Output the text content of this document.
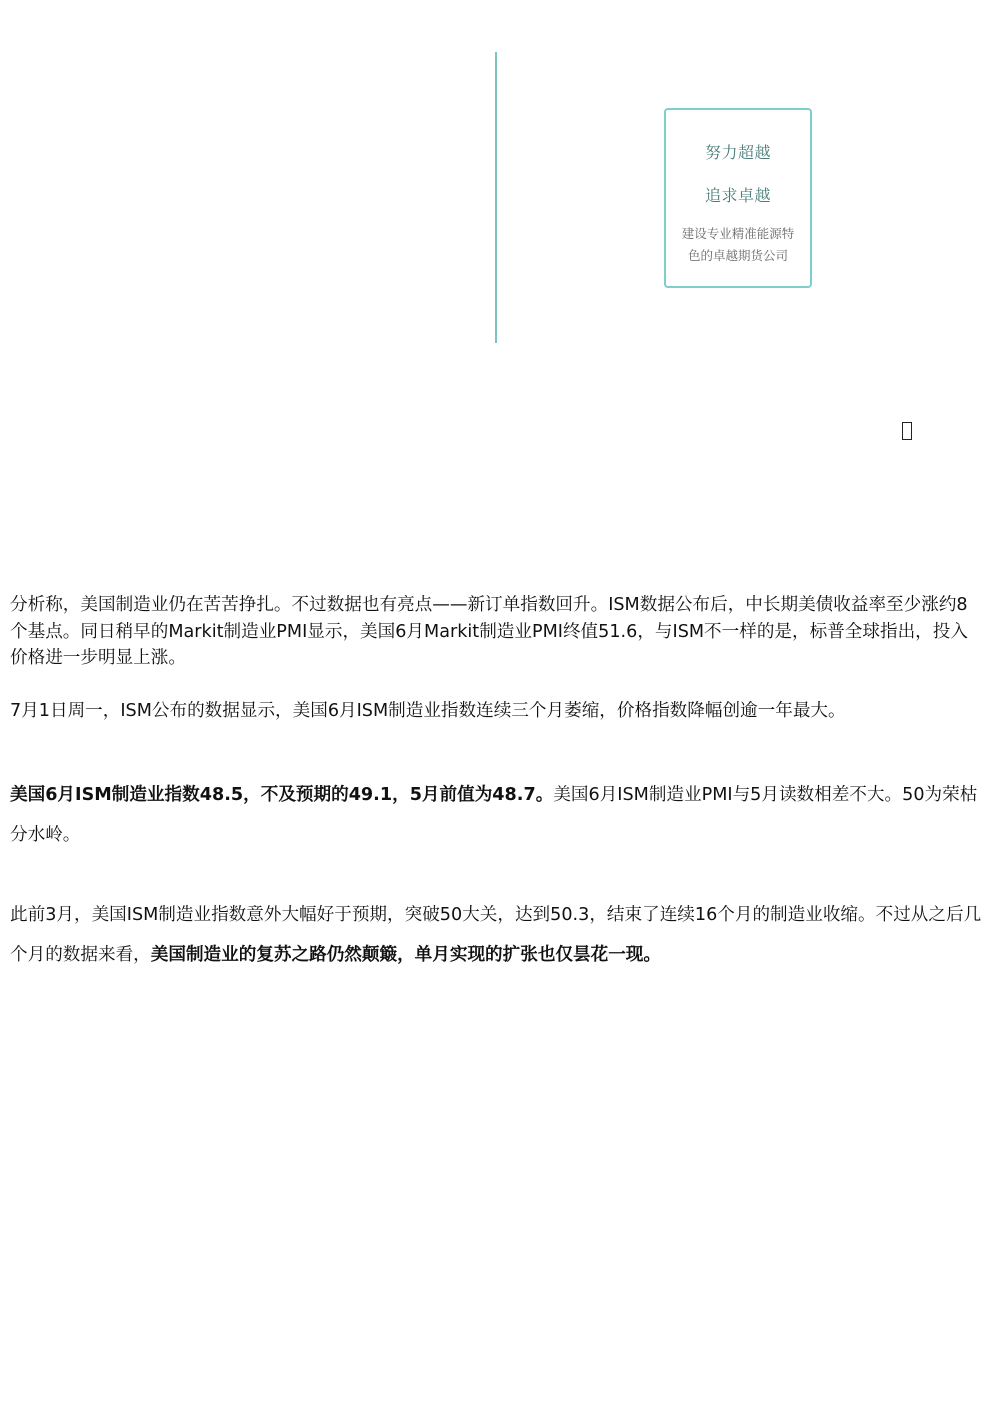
努力超越
追求卓越
建设专业精准能源特色的卓越期货公司

分析称，美国制造业仍在苦苦挣扎。不过数据也有亮点——新订单指数回升。ISM数据公布后，中长期美债收益率至少涨约8个基点。同日稍早的Markit制造业PMI显示，美国6月Markit制造业PMI终值51.6，与ISM不一样的是，标普全球指出，投入价格进一步明显上涨。

7月1日周一，ISM公布的数据显示，美国6月ISM制造业指数连续三个月萎缩，价格指数降幅创逾一年最大。

美国6月ISM制造业指数48.5，不及预期的49.1，5月前值为48.7。美国6月ISM制造业PMI与5月读数相差不大。50为荣枯分水岭。

此前3月，美国ISM制造业指数意外大幅好于预期，突破50大关，达到50.3，结束了连续16个月的制造业收缩。不过从之后几个月的数据来看，美国制造业的复苏之路仍然颠簸，单月实现的扩张也仅昙花一现。
